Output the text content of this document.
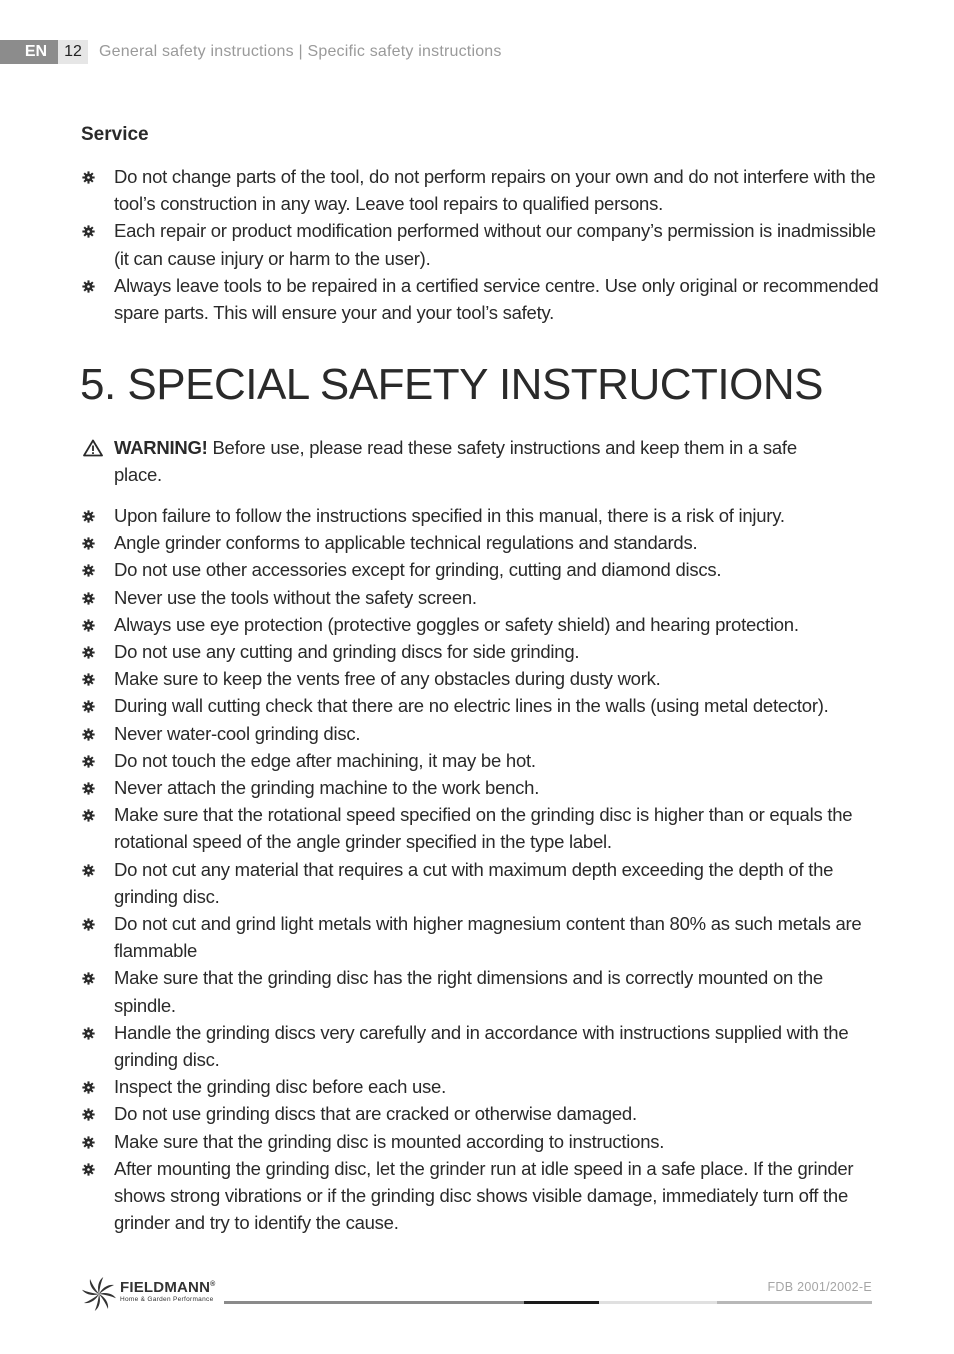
EN	12	General safety instructions | Specific safety instructions
Service
Do not change parts of the tool, do not perform repairs on your own and do not interfere with the tool’s construction in any way. Leave tool repairs to qualified persons.
Each repair or product modification performed without our company’s permission is inadmissible (it can cause injury or harm to the user).
Always leave tools to be repaired in a certified service centre. Use only original or recommended spare parts. This will ensure your and your tool’s safety.
5. SPECIAL SAFETY INSTRUCTIONS
WARNING! Before use, please read these safety instructions and keep them in a safe place.
Upon failure to follow the instructions specified in this manual, there is a risk of injury.
Angle grinder conforms to applicable technical regulations and standards.
Do not use other accessories except for grinding, cutting and diamond discs.
Never use the tools without the safety screen.
Always use eye protection (protective goggles or safety shield) and hearing protection.
Do not use any cutting and grinding discs for side grinding.
Make sure to keep the vents free of any obstacles during dusty work.
During wall cutting check that there are no electric lines in the walls (using metal detector).
Never water-cool grinding disc.
Do not touch the edge after machining, it may be hot.
Never attach the grinding machine to the work bench.
Make sure that the rotational speed specified on the grinding disc is higher than or equals the rotational speed of the angle grinder specified in the type label.
Do not cut any material that requires a cut with maximum depth exceeding the depth of the grinding disc.
Do not cut and grind light metals with higher magnesium content than 80% as such metals are flammable
Make sure that the grinding disc has the right dimensions and is correctly mounted on the spindle.
Handle the grinding discs very carefully and in accordance with instructions supplied with the grinding disc.
Inspect the grinding disc before each use.
Do not use grinding discs that are cracked or otherwise damaged.
Make sure that the grinding disc is mounted according to instructions.
After mounting the grinding disc, let the grinder run at idle speed in a safe place. If the grinder shows strong vibrations or if the grinding disc shows visible damage, immediately turn off the grinder and try to identify the cause.
FIELDMANN®
Home & Garden Performance
FDB 2001/2002-E
